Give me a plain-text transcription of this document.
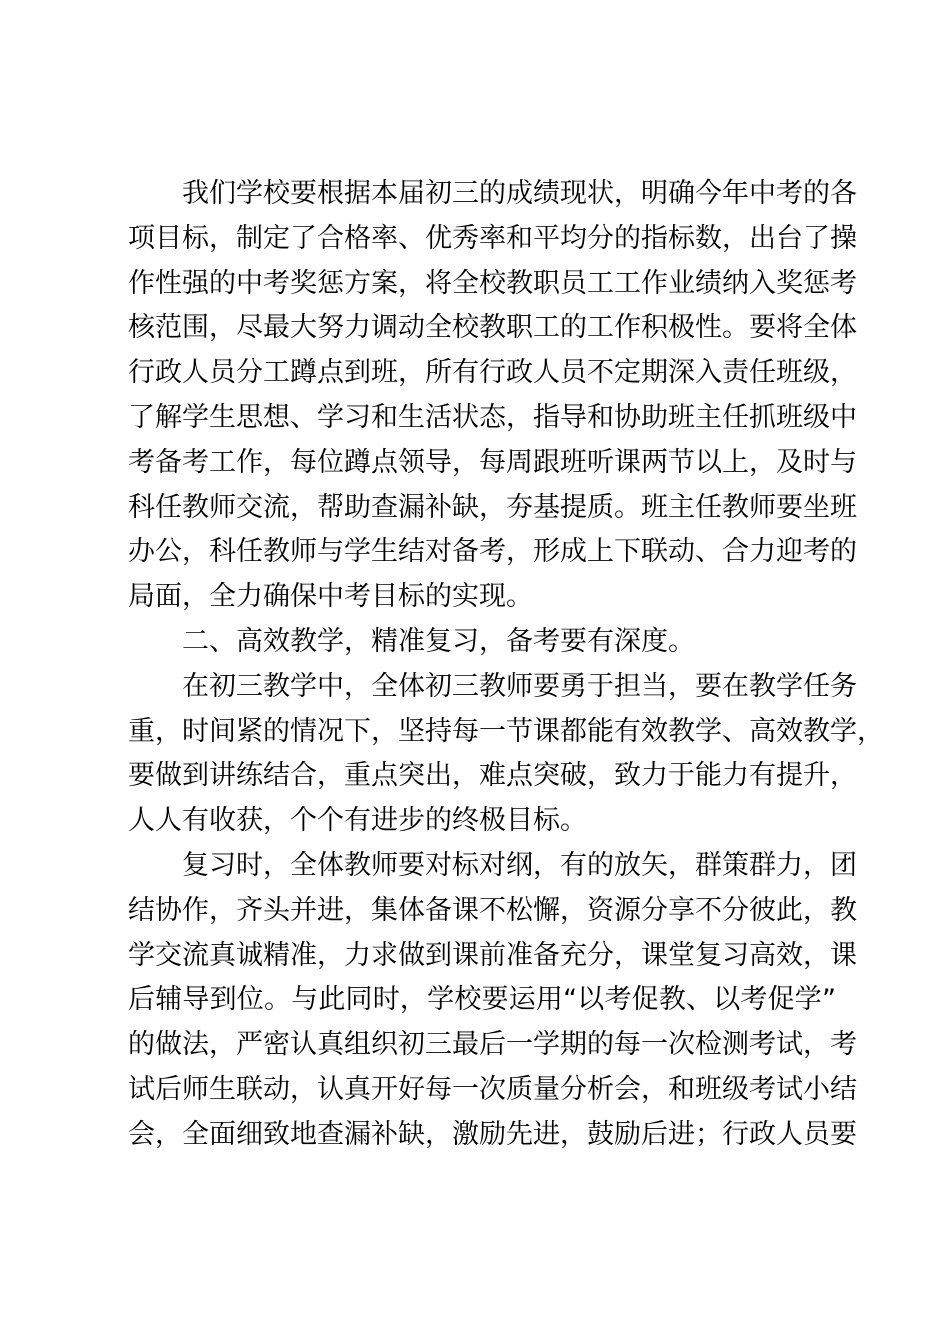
我们学校要根据本届初三的成绩现状，明确今年中考的各
项目标，制定了合格率、优秀率和平均分的指标数，出台了操
作性强的中考奖惩方案，将全校教职员工工作业绩纳入奖惩考
核范围，尽最大努力调动全校教职工的工作积极性。要将全体
行政人员分工蹲点到班，所有行政人员不定期深入责任班级，
了解学生思想、学习和生活状态，指导和协助班主任抓班级中
考备考工作，每位蹲点领导，每周跟班听课两节以上，及时与
科任教师交流，帮助查漏补缺，夯基提质。班主任教师要坐班
办公，科任教师与学生结对备考，形成上下联动、合力迎考的
局面，全力确保中考目标的实现。
二、高效教学，精准复习，备考要有深度。
在初三教学中，全体初三教师要勇于担当，要在教学任务
重，时间紧的情况下，坚持每一节课都能有效教学、高效教学，
要做到讲练结合，重点突出，难点突破，致力于能力有提升，
人人有收获，个个有进步的终极目标。
复习时，全体教师要对标对纲，有的放矢，群策群力，团
结协作，齐头并进，集体备课不松懈，资源分享不分彼此，教
学交流真诚精准，力求做到课前准备充分，课堂复习高效，课
后辅导到位。与此同时，学校要运用“以考促教、以考促学”
的做法，严密认真组织初三最后一学期的每一次检测考试，考
试后师生联动，认真开好每一次质量分析会，和班级考试小结
会，全面细致地查漏补缺，激励先进，鼓励后进；行政人员要
